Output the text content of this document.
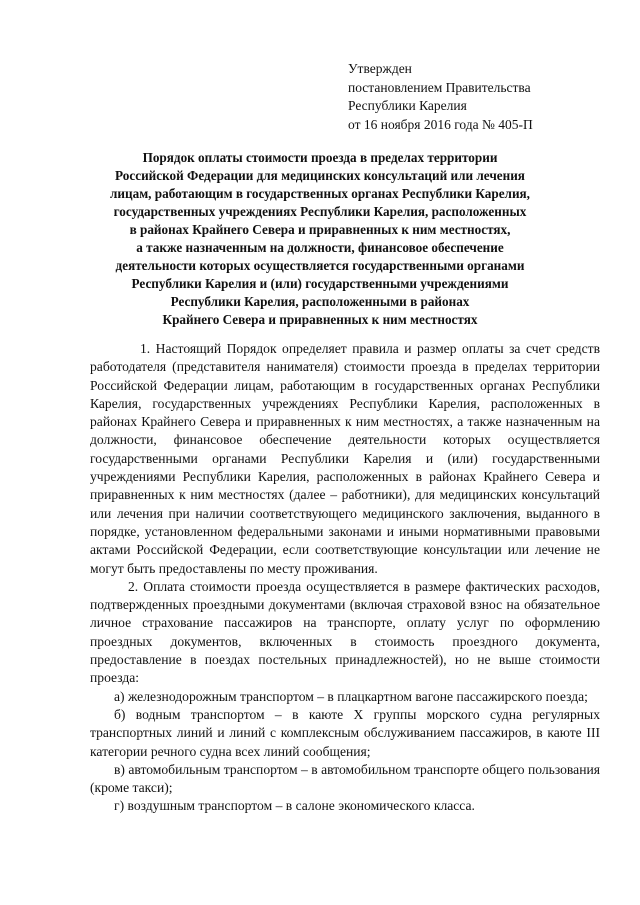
Утвержден
постановлением Правительства
Республики Карелия
от 16 ноября 2016 года № 405-П
Порядок оплаты стоимости проезда в пределах территории
Российской Федерации для медицинских консультаций или лечения
лицам, работающим в государственных органах Республики Карелия,
государственных учреждениях Республики Карелия, расположенных
в районах Крайнего Севера и приравненных к ним местностях,
а также назначенным на должности, финансовое обеспечение
деятельности которых осуществляется государственными органами
Республики Карелия и (или) государственными учреждениями
Республики Карелия, расположенными в районах
Крайнего Севера и приравненных к ним местностях

1. Настоящий Порядок определяет правила и размер оплаты за счет средств работодателя (представителя нанимателя) стоимости проезда в пределах территории Российской Федерации лицам, работающим в государственных органах Республики Карелия, государственных учреждениях Республики Карелия, расположенных в районах Крайнего Севера и приравненных к ним местностях, а также назначенным на должности, финансовое обеспечение деятельности которых осуществляется государственными органами Республики Карелия и (или) государственными учреждениями Республики Карелия, расположенных в районах Крайнего Севера и приравненных к ним местностях (далее – работники), для медицинских консультаций или лечения при наличии соответствующего медицинского заключения, выданного в порядке, установленном федеральными законами и иными нормативными правовыми актами Российской Федерации, если соответствующие консультации или лечение не могут быть предоставлены по месту проживания.

2. Оплата стоимости проезда осуществляется в размере фактических расходов, подтвержденных проездными документами (включая страховой взнос на обязательное личное страхование пассажиров на транспорте, оплату услуг по оформлению проездных документов, включенных в стоимость проездного документа, предоставление в поездах постельных принадлежностей), но не выше стоимости проезда:

а) железнодорожным транспортом – в плацкартном вагоне пассажирского поезда;

б) водным транспортом – в каюте X группы морского судна регулярных транспортных линий и линий с комплексным обслуживанием пассажиров, в каюте III категории речного судна всех линий сообщения;

в) автомобильным транспортом – в автомобильном транспорте общего пользования (кроме такси);

г) воздушным транспортом – в салоне экономического класса.
